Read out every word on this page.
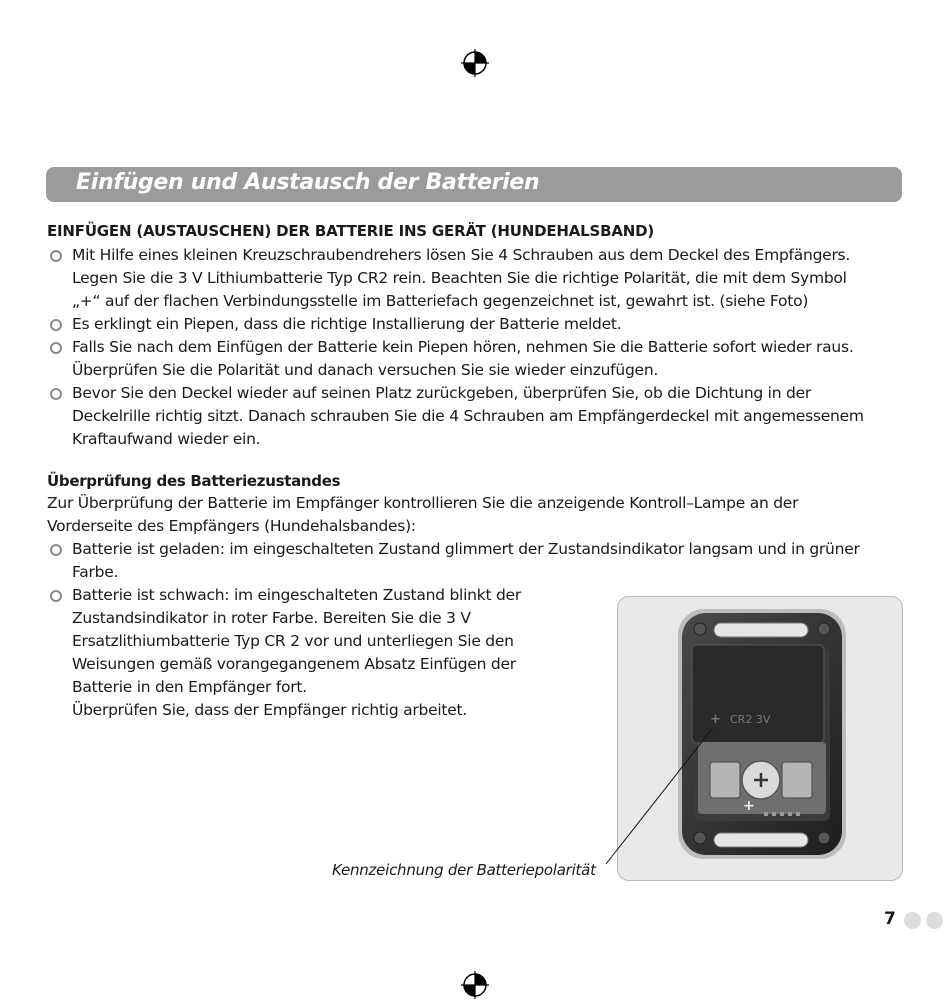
Einfügen und Austausch der Batterien
EINFÜGEN (AUSTAUSCHEN) DER BATTERIE INS GERÄT (HUNDEHALSBAND)
Mit Hilfe eines kleinen Kreuzschraubendrehers lösen Sie 4 Schrauben aus dem Deckel des Empfängers.
Legen Sie die 3 V Lithiumbatterie Typ CR2 rein. Beachten Sie die richtige Polarität, die mit dem Symbol
„+“ auf der flachen Verbindungsstelle im Batteriefach gegenzeichnet ist, gewahrt ist. (siehe Foto)
Es erklingt ein Piepen, dass die richtige Installierung der Batterie meldet.
Falls Sie nach dem Einfügen der Batterie kein Piepen hören, nehmen Sie die Batterie sofort wieder raus.
Überprüfen Sie die Polarität und danach versuchen Sie sie wieder einzufügen.
Bevor Sie den Deckel wieder auf seinen Platz zurückgeben, überprüfen Sie, ob die Dichtung in der
Deckelrille richtig sitzt. Danach schrauben Sie die 4 Schrauben am Empfängerdeckel mit angemessenem
Kraftaufwand wieder ein.
Überprüfung des Batteriezustandes

Zur Überprüfung der Batterie im Empfänger kontrollieren Sie die anzeigende Kontroll–Lampe an der

Vorderseite des Empfängers (Hundehalsbandes):

Batterie ist geladen: im eingeschalteten Zustand glimmert der Zustandsindikator langsam und in grüner
Farbe.
Batterie ist schwach: im eingeschalteten Zustand blinkt der
Zustandsindikator in roter Farbe. Bereiten Sie die 3 V
Ersatzlithiumbatterie Typ CR 2 vor und unterliegen Sie den
Weisungen gemäß vorangegangenem Absatz Einfügen der
Batterie in den Empfänger fort.
Überprüfen Sie, dass der Empfänger richtig arbeitet.
+ CR2 3V
+
Kennzeichnung der Batteriepolarität
7
